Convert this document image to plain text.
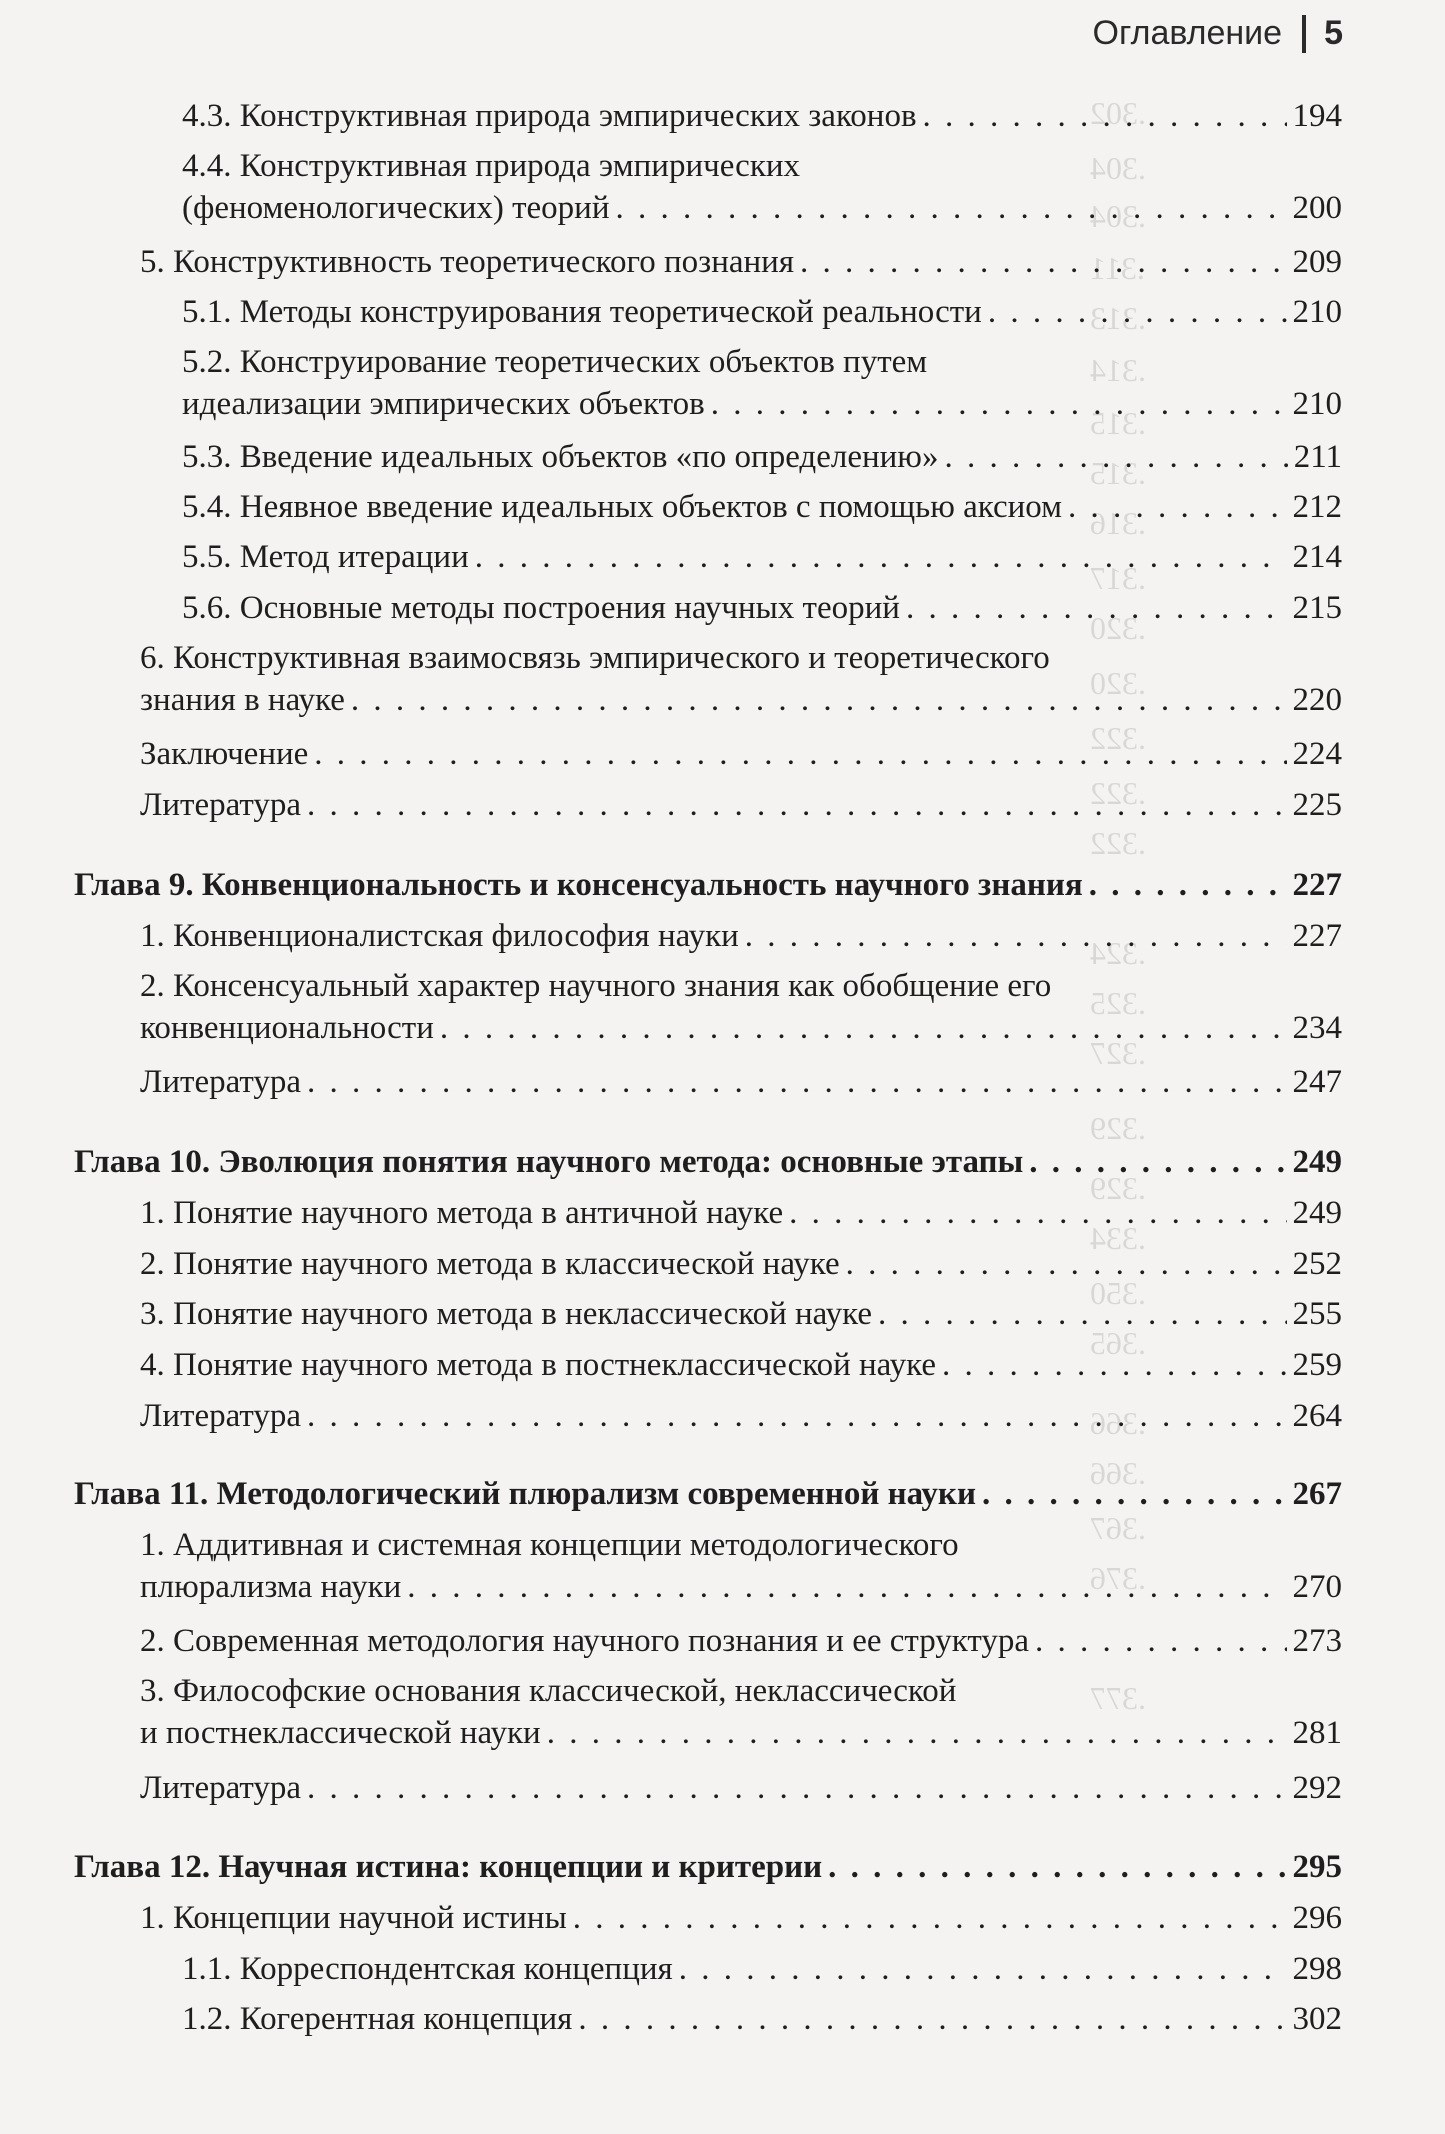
.302
.304
.304
.311
.313
.314
.315
.315
.316
.317
.320
.320
.322
.322
.322
.324
.325
.327
.329
.329
.334
.350
.365
.366
.366
.367
.376
.377
Оглавление 5
4.3. Конструктивная природа эмпирических законов . . .	194
4.4. Конструктивная природа эмпирических
(феноменологических) теорий . . .	200
5. Конструктивность теоретического познания . . .	209
5.1. Методы конструирования теоретической реальности . . .	210
5.2. Конструирование теоретических объектов путем
идеализации эмпирических объектов . . .	210
5.3. Введение идеальных объектов «по определению» . . .	211
5.4. Неявное введение идеальных объектов с помощью аксиом . . .	212
5.5. Метод итерации . . .	214
5.6. Основные методы построения научных теорий . . .	215
6. Конструктивная взаимосвязь эмпирического и теоретического
знания в науке . . .	220
Заключение . . .	224
Литература . . .	225
Глава 9. Конвенциональность и консенсуальность научного знания . . .	227
1. Конвенционалистская философия науки . . .	227
2. Консенсуальный характер научного знания как обобщение его
конвенциональности . . .	234
Литература . . .	247
Глава 10. Эволюция понятия научного метода: основные этапы . . .	249
1. Понятие научного метода в античной науке . . .	249
2. Понятие научного метода в классической науке . . .	252
3. Понятие научного метода в неклассической науке . . .	255
4. Понятие научного метода в постнеклассической науке . . .	259
Литература . . .	264
Глава 11. Методологический плюрализм современной науки . . .	267
1. Аддитивная и системная концепции методологического
плюрализма науки . . .	270
2. Современная методология научного познания и ее структура . . .	273
3. Философские основания классической, неклассической
и постнеклассической науки . . .	281
Литература . . .	292
Глава 12. Научная истина: концепции и критерии . . .	295
1. Концепции научной истины . . .	296
1.1. Корреспондентская концепция . . .	298
1.2. Когерентная концепция . . .	302
